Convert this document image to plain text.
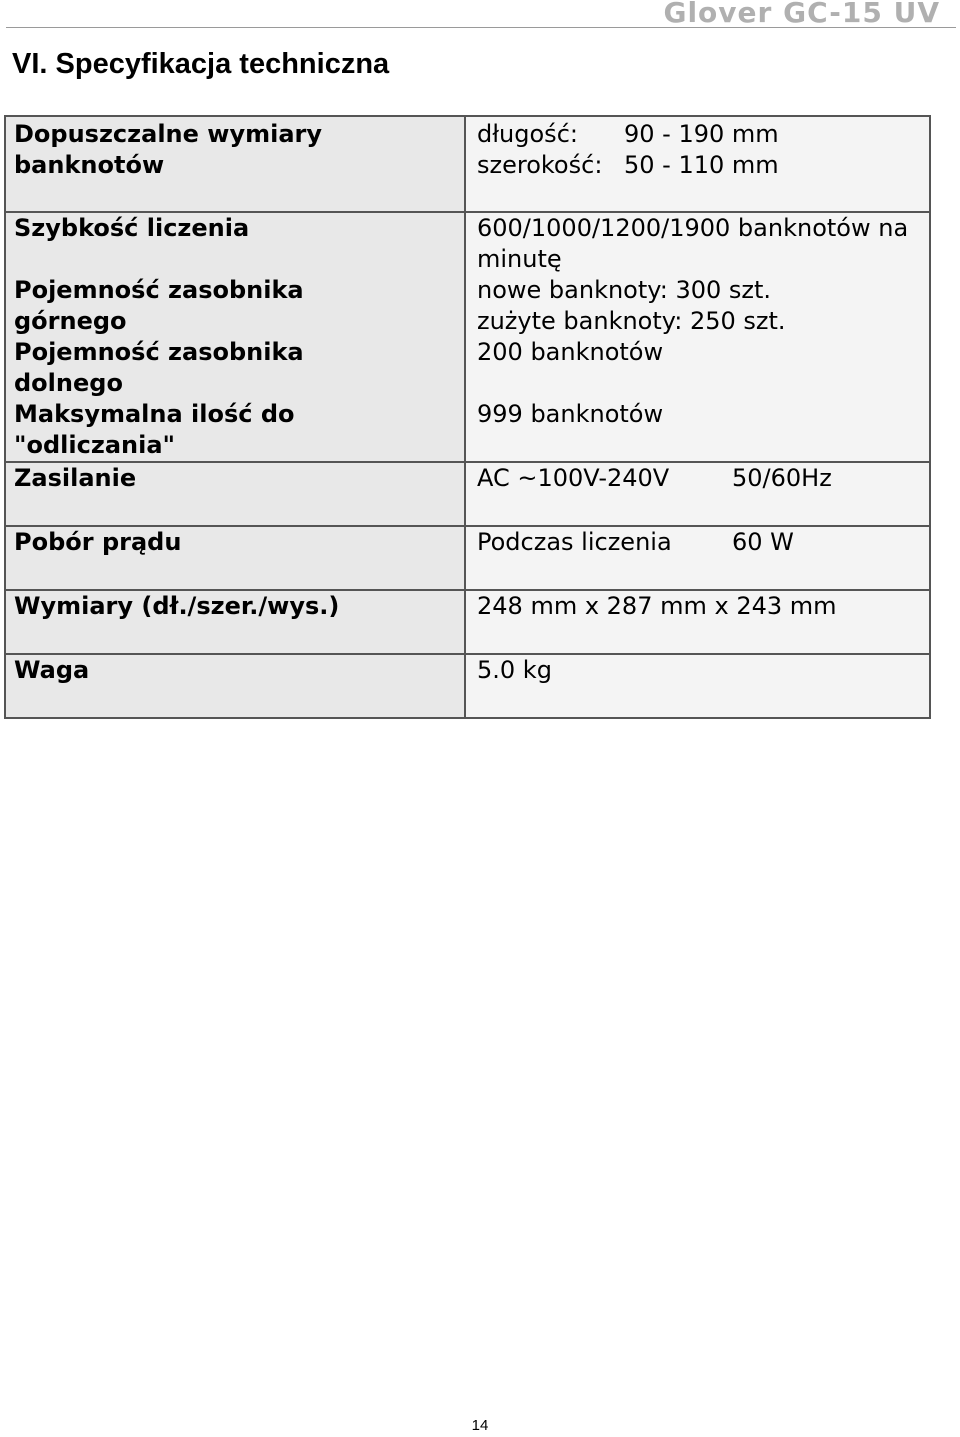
Glover GC-15 UV
VI. Specyfikacja techniczna
Dopuszczalne wymiary
banknotów	długość: 90 - 190 mm
szerokość: 50 - 110 mm

Szybkość liczenia	600/1000/1200/1900 banknotów na
minutę

Pojemność zasobnika
górnego	nowe banknoty: 300 szt.
zużyte banknoty: 250 szt.

Pojemność zasobnika
dolnego	200 banknotów

Maksymalna ilość do
"odliczania"	999 banknotów

Zasilanie	AC ~100V-240V 50/60Hz

Pobór prądu	Podczas liczenia 60 W

Wymiary (dł./szer./wys.)	248 mm x 287 mm x 243 mm

Waga	5.0 kg
14
